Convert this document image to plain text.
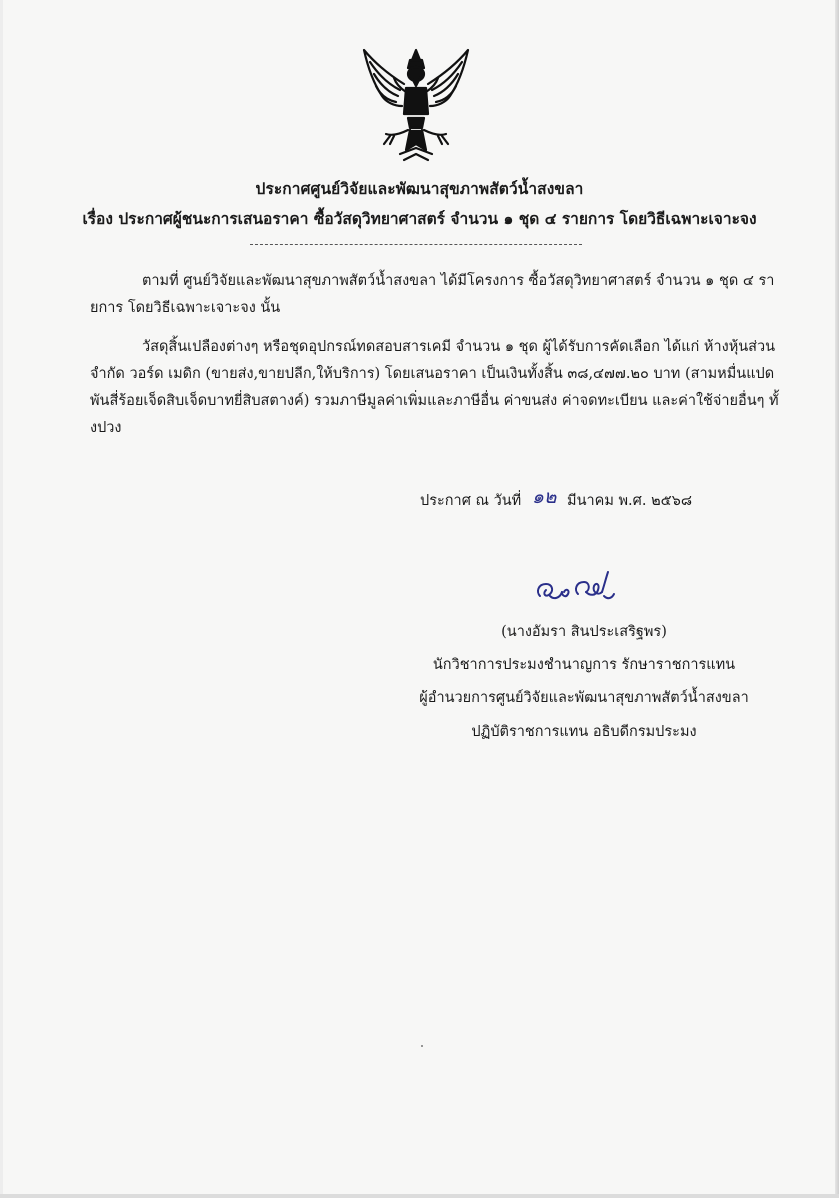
ประกาศศูนย์วิจัยและพัฒนาสุขภาพสัตว์น้ำสงขลา
เรื่อง ประกาศผู้ชนะการเสนอราคา ซื้อวัสดุวิทยาศาสตร์ จำนวน ๑ ชุด ๔ รายการ โดยวิธีเฉพาะเจาะจง
ตามที่ ศูนย์วิจัยและพัฒนาสุขภาพสัตว์น้ำสงขลา ได้มีโครงการ ซื้อวัสดุวิทยาศาสตร์ จำนวน ๑ ชุด ๔ รายการ โดยวิธีเฉพาะเจาะจง นั้น
วัสดุสิ้นเปลืองต่างๆ หรือชุดอุปกรณ์ทดสอบสารเคมี จำนวน ๑ ชุด ผู้ได้รับการคัดเลือก ได้แก่ ห้างหุ้นส่วนจำกัด วอร์ด เมดิก (ขายส่ง,ขายปลีก,ให้บริการ) โดยเสนอราคา เป็นเงินทั้งสิ้น ๓๘,๔๗๗.๒๐ บาท (สามหมื่นแปดพันสี่ร้อยเจ็ดสิบเจ็ดบาทยี่สิบสตางค์) รวมภาษีมูลค่าเพิ่มและภาษีอื่น ค่าขนส่ง ค่าจดทะเบียน และค่าใช้จ่ายอื่นๆ ทั้งปวง
ประกาศ ณ วันที่ ๑๒ มีนาคม พ.ศ. ๒๕๖๘
(นางอัมรา สินประเสริฐพร)
นักวิชาการประมงชำนาญการ รักษาราชการแทน
ผู้อำนวยการศูนย์วิจัยและพัฒนาสุขภาพสัตว์น้ำสงขลา
ปฏิบัติราชการแทน อธิบดีกรมประมง
